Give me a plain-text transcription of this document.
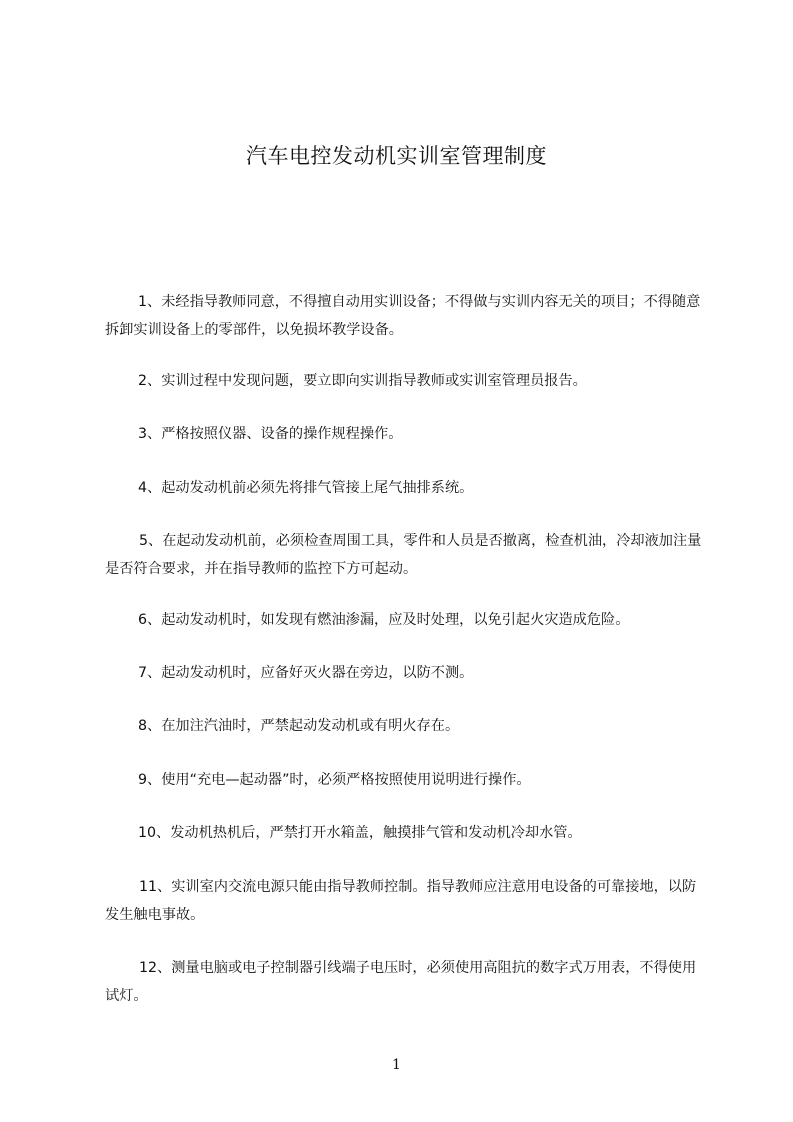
汽车电控发动机实训室管理制度

1、未经指导教师同意，不得擅自动用实训设备；不得做与实训内容无关的项目；不得随意拆卸实训设备上的零部件，以免损坏教学设备。

2、实训过程中发现问题，要立即向实训指导教师或实训室管理员报告。

3、严格按照仪器、设备的操作规程操作。

4、起动发动机前必须先将排气管接上尾气抽排系统。

5、在起动发动机前，必须检查周围工具，零件和人员是否撤离，检查机油，冷却液加注量是否符合要求，并在指导教师的监控下方可起动。

6、起动发动机时，如发现有燃油渗漏，应及时处理，以免引起火灾造成危险。

7、起动发动机时，应备好灭火器在旁边，以防不测。

8、在加注汽油时，严禁起动发动机或有明火存在。

9、使用“充电—起动器”时，必须严格按照使用说明进行操作。

10、发动机热机后，严禁打开水箱盖，触摸排气管和发动机冷却水管。

11、实训室内交流电源只能由指导教师控制。指导教师应注意用电设备的可靠接地，以防发生触电事故。

12、测量电脑或电子控制器引线端子电压时，必须使用高阻抗的数字式万用表，不得使用试灯。

1
